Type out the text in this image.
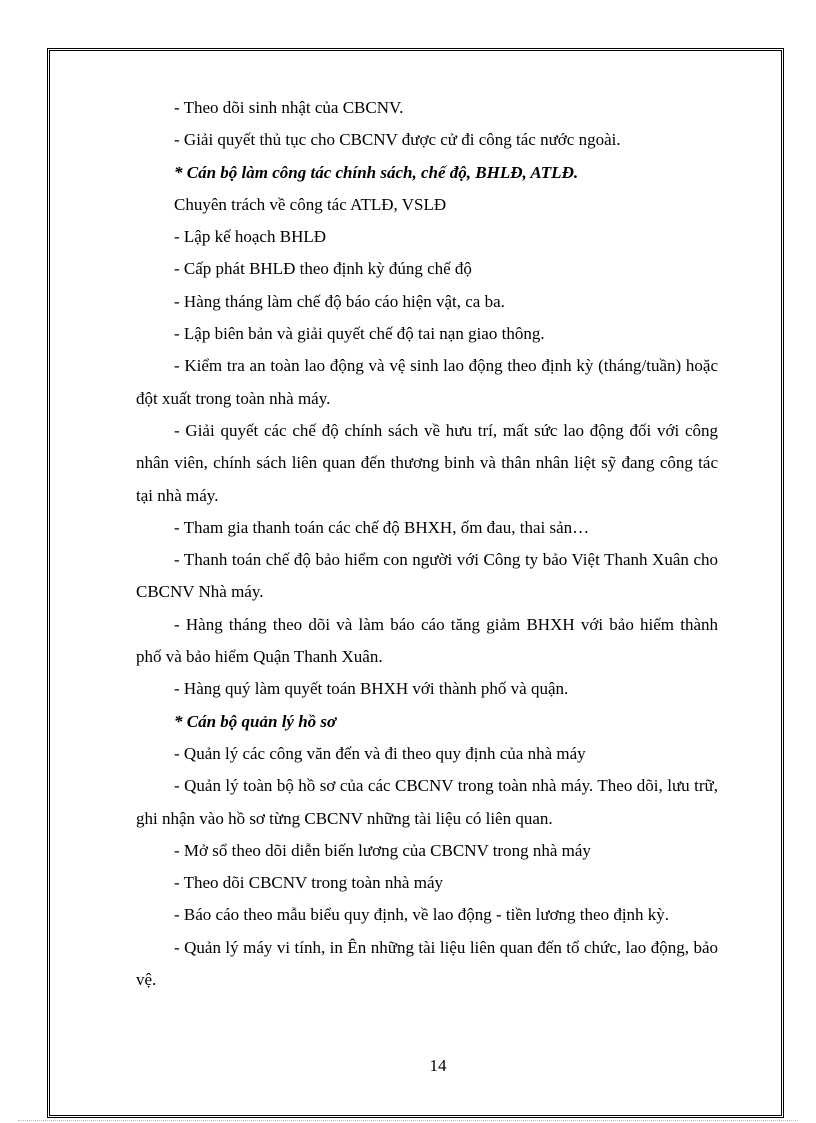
- Theo dõi sinh nhật của CBCNV.

- Giải quyết thủ tục cho CBCNV được cử đi công tác nước ngoài.

* Cán bộ làm công tác chính sách, chế độ, BHLĐ, ATLĐ.

Chuyên trách về công tác ATLĐ, VSLĐ

- Lập kế hoạch BHLĐ

- Cấp phát BHLĐ theo định kỳ đúng chế độ

- Hàng tháng làm chế độ báo cáo hiện vật, ca ba.

- Lập biên bản và giải quyết chế độ tai nạn giao thông.

- Kiểm tra an toàn lao động và vệ sinh lao động theo định kỳ (tháng/tuần) hoặc đột xuất trong toàn nhà máy.

- Giải quyết các chế độ chính sách về hưu trí, mất sức lao động đối với công nhân viên, chính sách liên quan đến thương binh và thân nhân liệt sỹ đang công tác tại nhà máy.

- Tham gia thanh toán các chế độ BHXH, ốm đau, thai sản…

- Thanh toán chế độ bảo hiểm con người với Công ty bảo Việt Thanh Xuân cho CBCNV Nhà máy.

- Hàng tháng theo dõi và làm báo cáo tăng giảm BHXH với bảo hiểm thành phố và bảo hiểm Quận Thanh Xuân.

- Hàng quý làm quyết toán BHXH với thành phố và quận.

* Cán bộ quản lý hồ sơ

- Quản lý các công văn đến và đi theo quy định của nhà máy

- Quản lý toàn bộ hồ sơ của các CBCNV trong toàn nhà máy. Theo dõi, lưu trữ, ghi nhận vào hồ sơ từng CBCNV những tài liệu có liên quan.

- Mở sổ theo dõi diễn biến lương của CBCNV trong nhà máy

- Theo dõi CBCNV trong toàn nhà máy

- Báo cáo theo mẫu biểu quy định, về lao động - tiền lương theo định kỳ.

- Quản lý máy vi tính, in Ên những tài liệu liên quan đến tổ chức, lao động, bảo vệ.

14
